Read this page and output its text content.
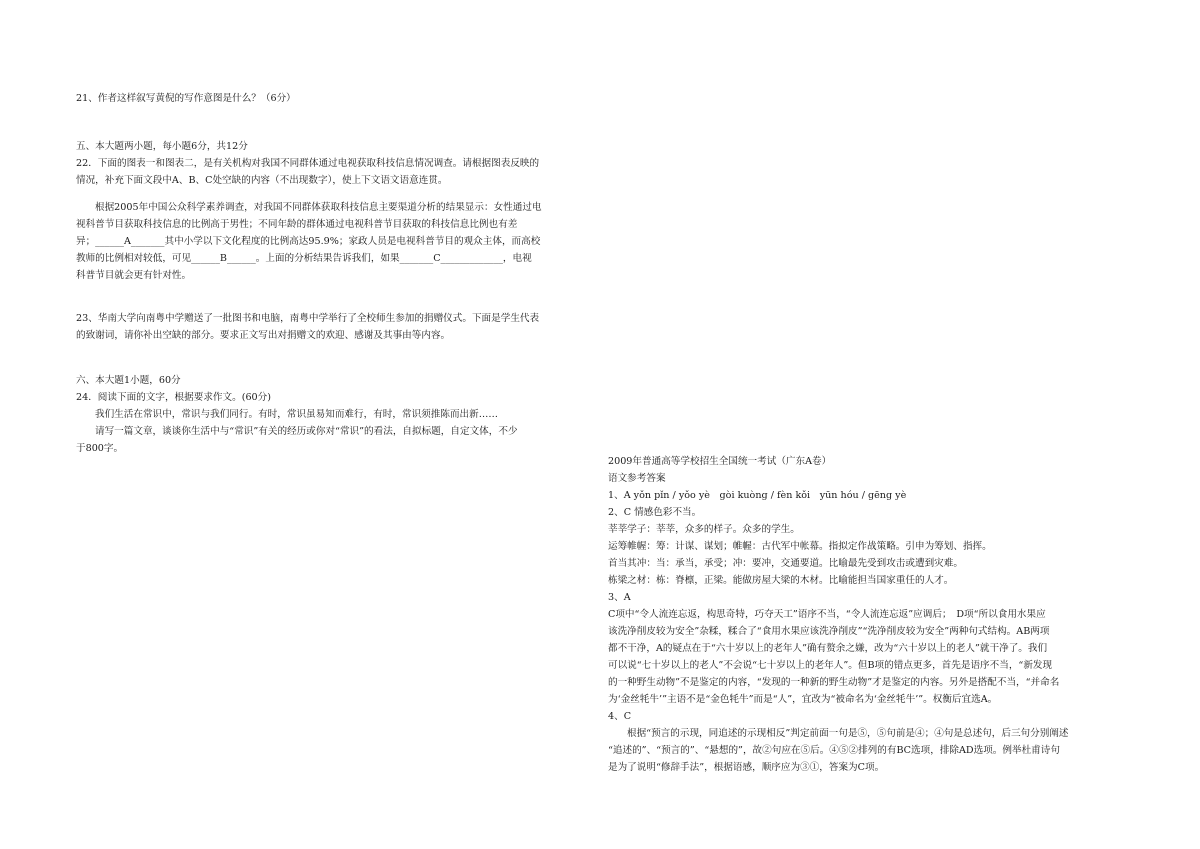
21、作者这样叙写黄倪的写作意图是什么？（6分）

五、本大题两小题，每小题6分，共12分

22．下面的图表一和图表二，是有关机构对我国不同群体通过电视获取科技信息情况调查。请根据图表反映的

情况，补充下面文段中A、B、C处空缺的内容（不出现数字），使上下文语文语意连贯。

根据2005年中国公众科学素养调查，对我国不同群体获取科技信息主要渠道分析的结果显示：女性通过电

视科普节目获取科技信息的比例高于男性；不同年龄的群体通过电视科普节目获取的科技信息比例也有差

异；______A_______其中小学以下文化程度的比例高达95.9%；家政人员是电视科普节目的观众主体，而高校

教师的比例相对较低，可见______B______。上面的分析结果告诉我们，如果_______C_____________，电视

科普节目就会更有针对性。

23、华南大学向南粤中学赠送了一批图书和电脑，南粤中学举行了全校师生参加的捐赠仪式。下面是学生代表

的致谢词，请你补出空缺的部分。要求正文写出对捐赠文的欢迎、感谢及其事由等内容。

六、本大题1小题，60分

24．阅读下面的文字，根据要求作文。(60分)

我们生活在常识中，常识与我们同行。有时，常识虽易知而难行，有时，常识须推陈而出新……

请写一篇文章，谈谈你生活中与“常识”有关的经历或你对“常识”的看法，自拟标题，自定文体，不少

于800字。

2009年普通高等学校招生全国统一考试（广东A卷）

语文参考答案

1、A yǒn pǐn / yǒo yè　gòi kuòng / fèn kǒi　yūn hóu / gēng yè

2、C 情感色彩不当。

莘莘学子：莘莘，众多的样子。众多的学生。

运筹帷幄：筹：计谋、谋划；帷幄：古代军中帐幕。指拟定作战策略。引申为筹划、指挥。

首当其冲：当：承当，承受；冲：要冲，交通要道。比喻最先受到攻击或遭到灾难。

栋梁之材：栋：脊檩，正梁。能做房屋大梁的木材。比喻能担当国家重任的人才。

3、A

C项中“令人流连忘返，构思奇特，巧夺天工”语序不当，“令人流连忘返”应调后；　D项“所以食用水果应

该洗净削皮较为安全”杂糅，糅合了“食用水果应该洗净削皮”“洗净削皮较为安全”两种句式结构。AB两项

都不干净，A的疑点在于“六十岁以上的老年人”确有赘余之嫌，改为“六十岁以上的老人”就干净了。我们

可以说“七十岁以上的老人”不会说“七十岁以上的老年人”。但B项的错点更多，首先是语序不当，“新发现

的一种野生动物”不是鉴定的内容，“发现的一种新的野生动物”才是鉴定的内容。另外是搭配不当，“并命名

为‘金丝牦牛’”主语不是“金色牦牛”而是“人”，宜改为“被命名为‘金丝牦牛’”。权衡后宜选A。

4、C

根据“预言的示现，同追述的示现相反”判定前面一句是⑤，⑤句前是④；④句是总述句，后三句分别阐述

“追述的”、“预言的”、“悬想的”，故②句应在⑤后。④⑤②排列的有BC选项，排除AD选项。例举杜甫诗句

是为了说明“修辞手法”，根据语感，顺序应为③①，答案为C项。
